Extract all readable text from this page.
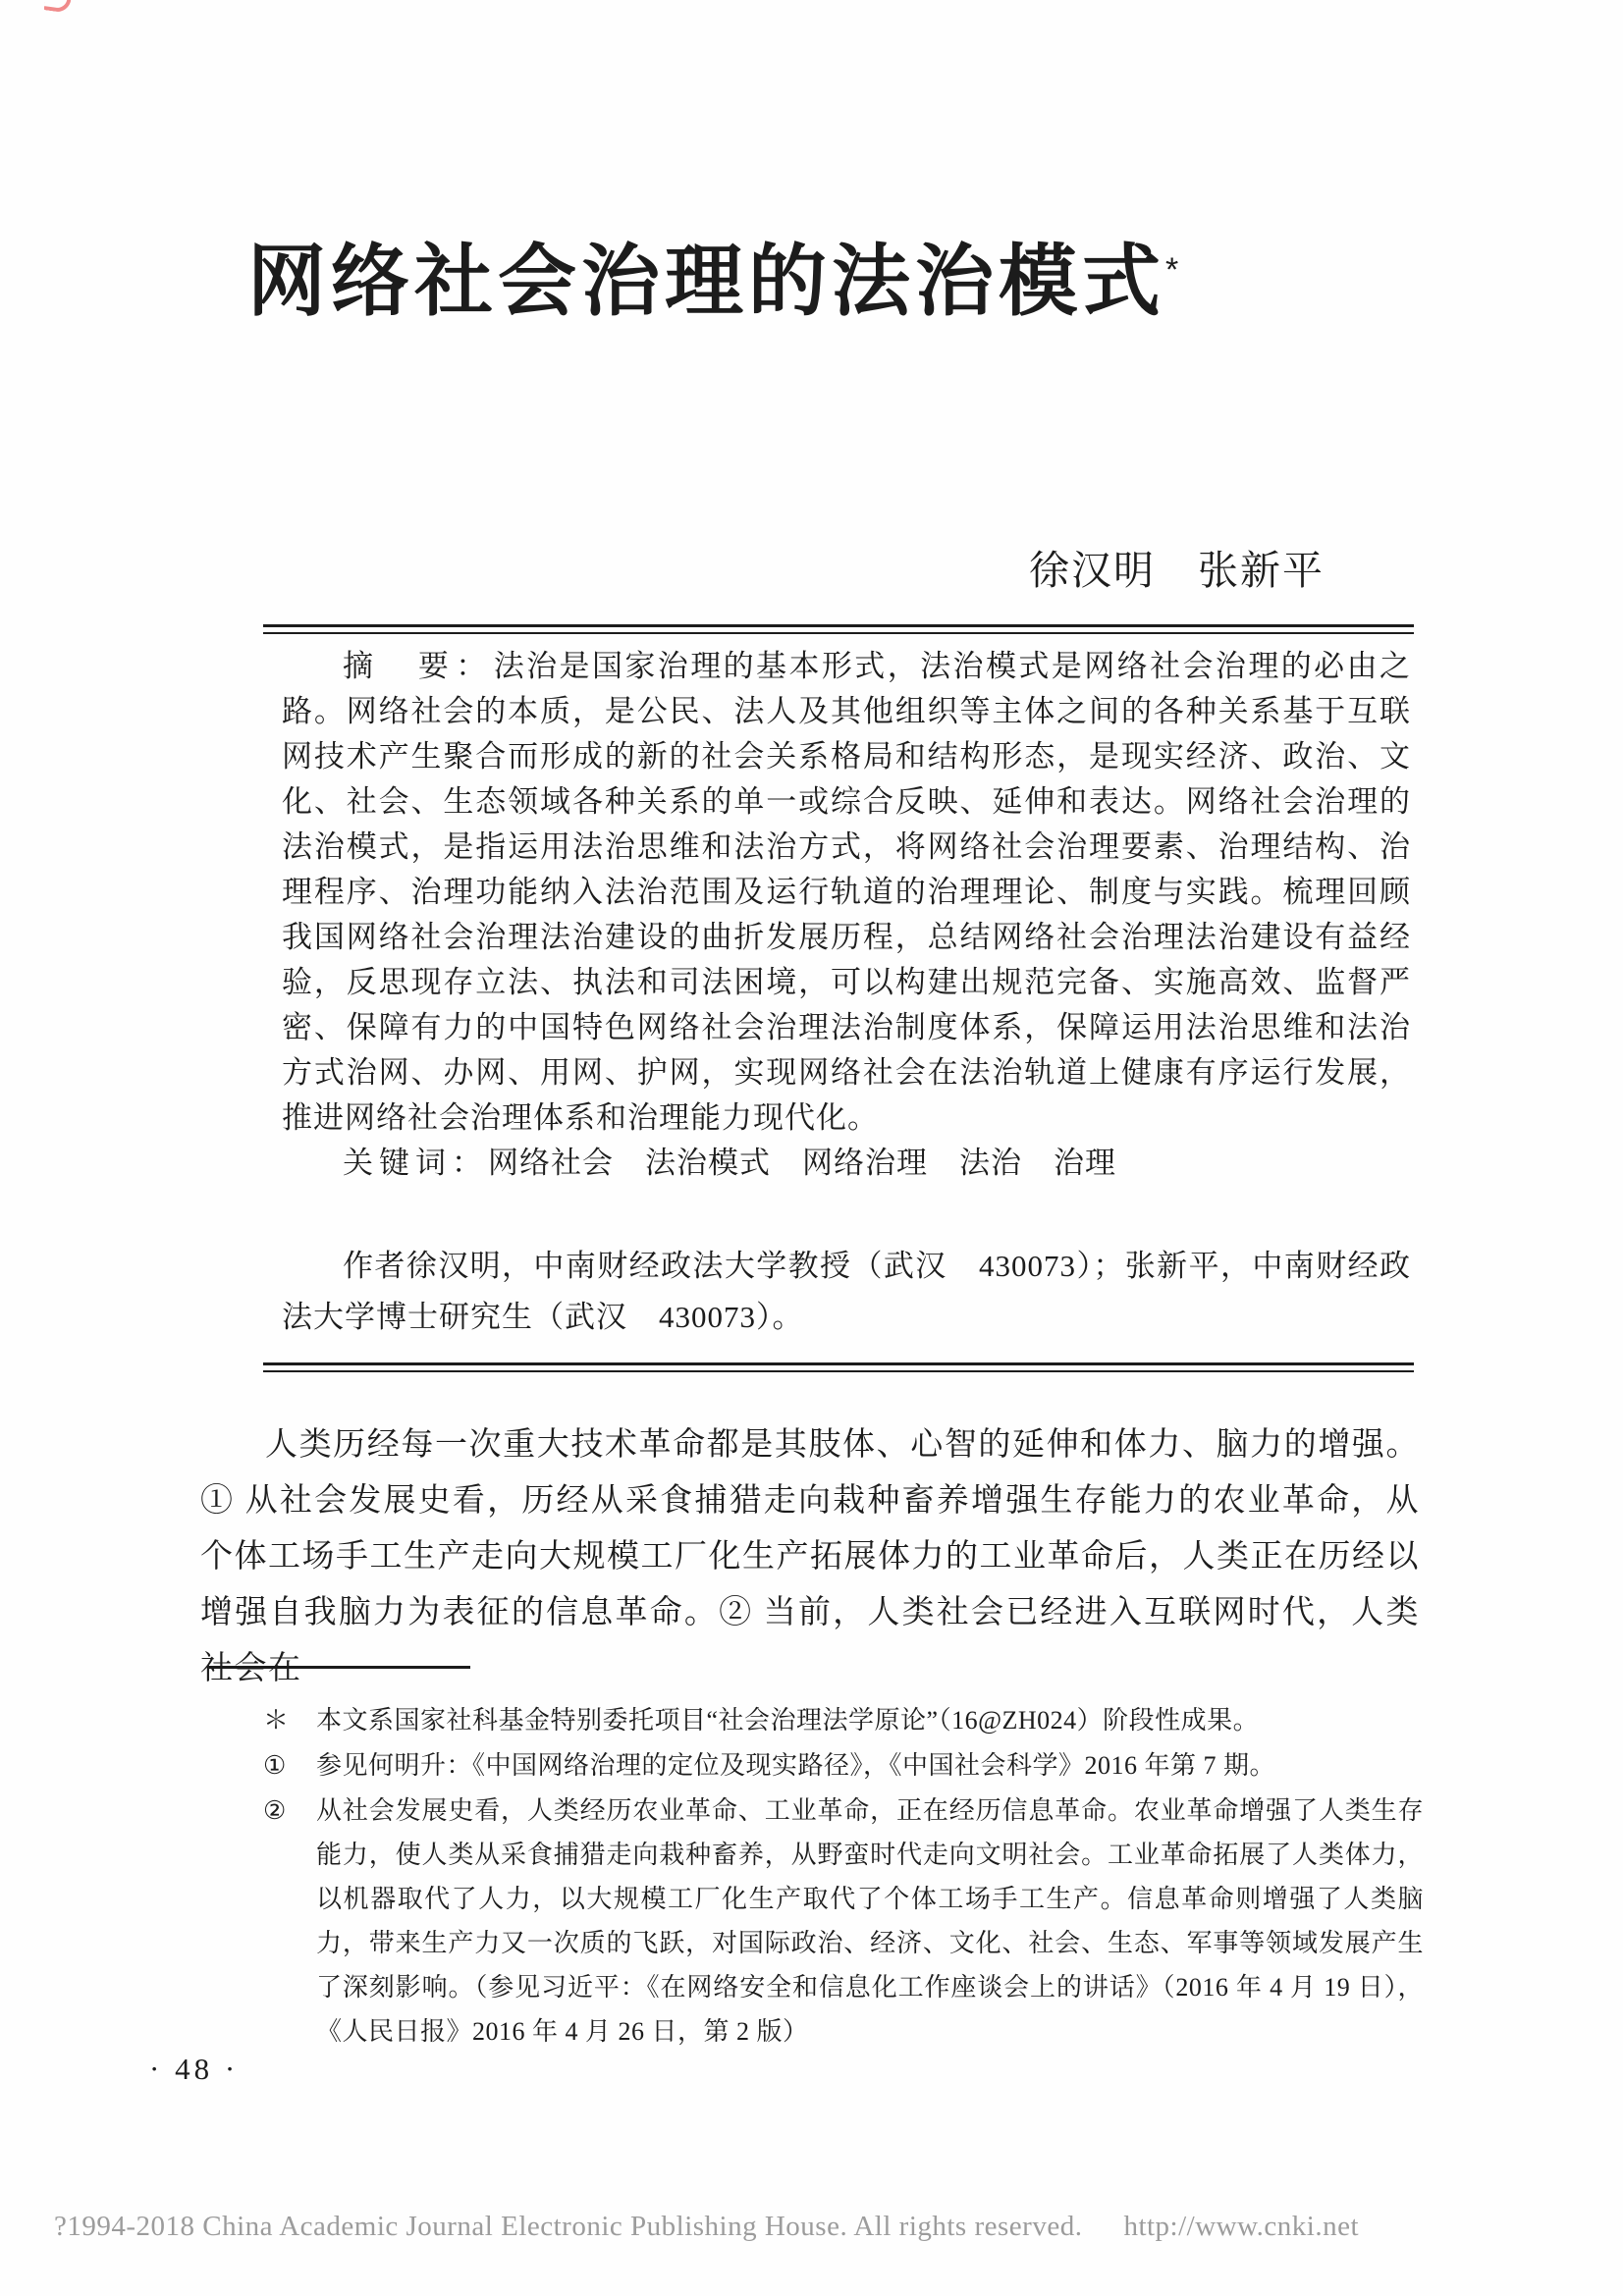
网络社会治理的法治模式*
徐汉明　张新平

摘　要：法治是国家治理的基本形式，法治模式是网络社会治理的必由之路。网络社会的本质，是公民、法人及其他组织等主体之间的各种关系基于互联网技术产生聚合而形成的新的社会关系格局和结构形态，是现实经济、政治、文化、社会、生态领域各种关系的单一或综合反映、延伸和表达。网络社会治理的法治模式，是指运用法治思维和法治方式，将网络社会治理要素、治理结构、治理程序、治理功能纳入法治范围及运行轨道的治理理论、制度与实践。梳理回顾我国网络社会治理法治建设的曲折发展历程，总结网络社会治理法治建设有益经验，反思现存立法、执法和司法困境，可以构建出规范完备、实施高效、监督严密、保障有力的中国特色网络社会治理法治制度体系，保障运用法治思维和法治方式治网、办网、用网、护网，实现网络社会在法治轨道上健康有序运行发展，推进网络社会治理体系和治理能力现代化。

关键词：网络社会　法治模式　网络治理　法治　治理

作者徐汉明，中南财经政法大学教授（武汉　430073）；张新平，中南财经政法大学博士研究生（武汉　430073）。

人类历经每一次重大技术革命都是其肢体、心智的延伸和体力、脑力的增强。① 从社会发展史看，历经从采食捕猎走向栽种畜养增强生存能力的农业革命，从个体工场手工生产走向大规模工厂化生产拓展体力的工业革命后，人类正在历经以增强自我脑力为表征的信息革命。② 当前，人类社会已经进入互联网时代，人类社会在

＊	本文系国家社科基金特别委托项目“社会治理法学原论”（16@ZH024）阶段性成果。
①	参见何明升：《中国网络治理的定位及现实路径》，《中国社会科学》2016 年第 7 期。
②	从社会发展史看，人类经历农业革命、工业革命，正在经历信息革命。农业革命增强了人类生存能力，使人类从采食捕猎走向栽种畜养，从野蛮时代走向文明社会。工业革命拓展了人类体力，以机器取代了人力，以大规模工厂化生产取代了个体工场手工生产。信息革命则增强了人类脑力，带来生产力又一次质的飞跃，对国际政治、经济、文化、社会、生态、军事等领域发展产生了深刻影响。（参见习近平：《在网络安全和信息化工作座谈会上的讲话》（2016 年 4 月 19 日），《人民日报》2016 年 4 月 26 日，第 2 版）
· 48 ·
?1994-2018 China Academic Journal Electronic Publishing House. All rights reserved. http://www.cnki.net
